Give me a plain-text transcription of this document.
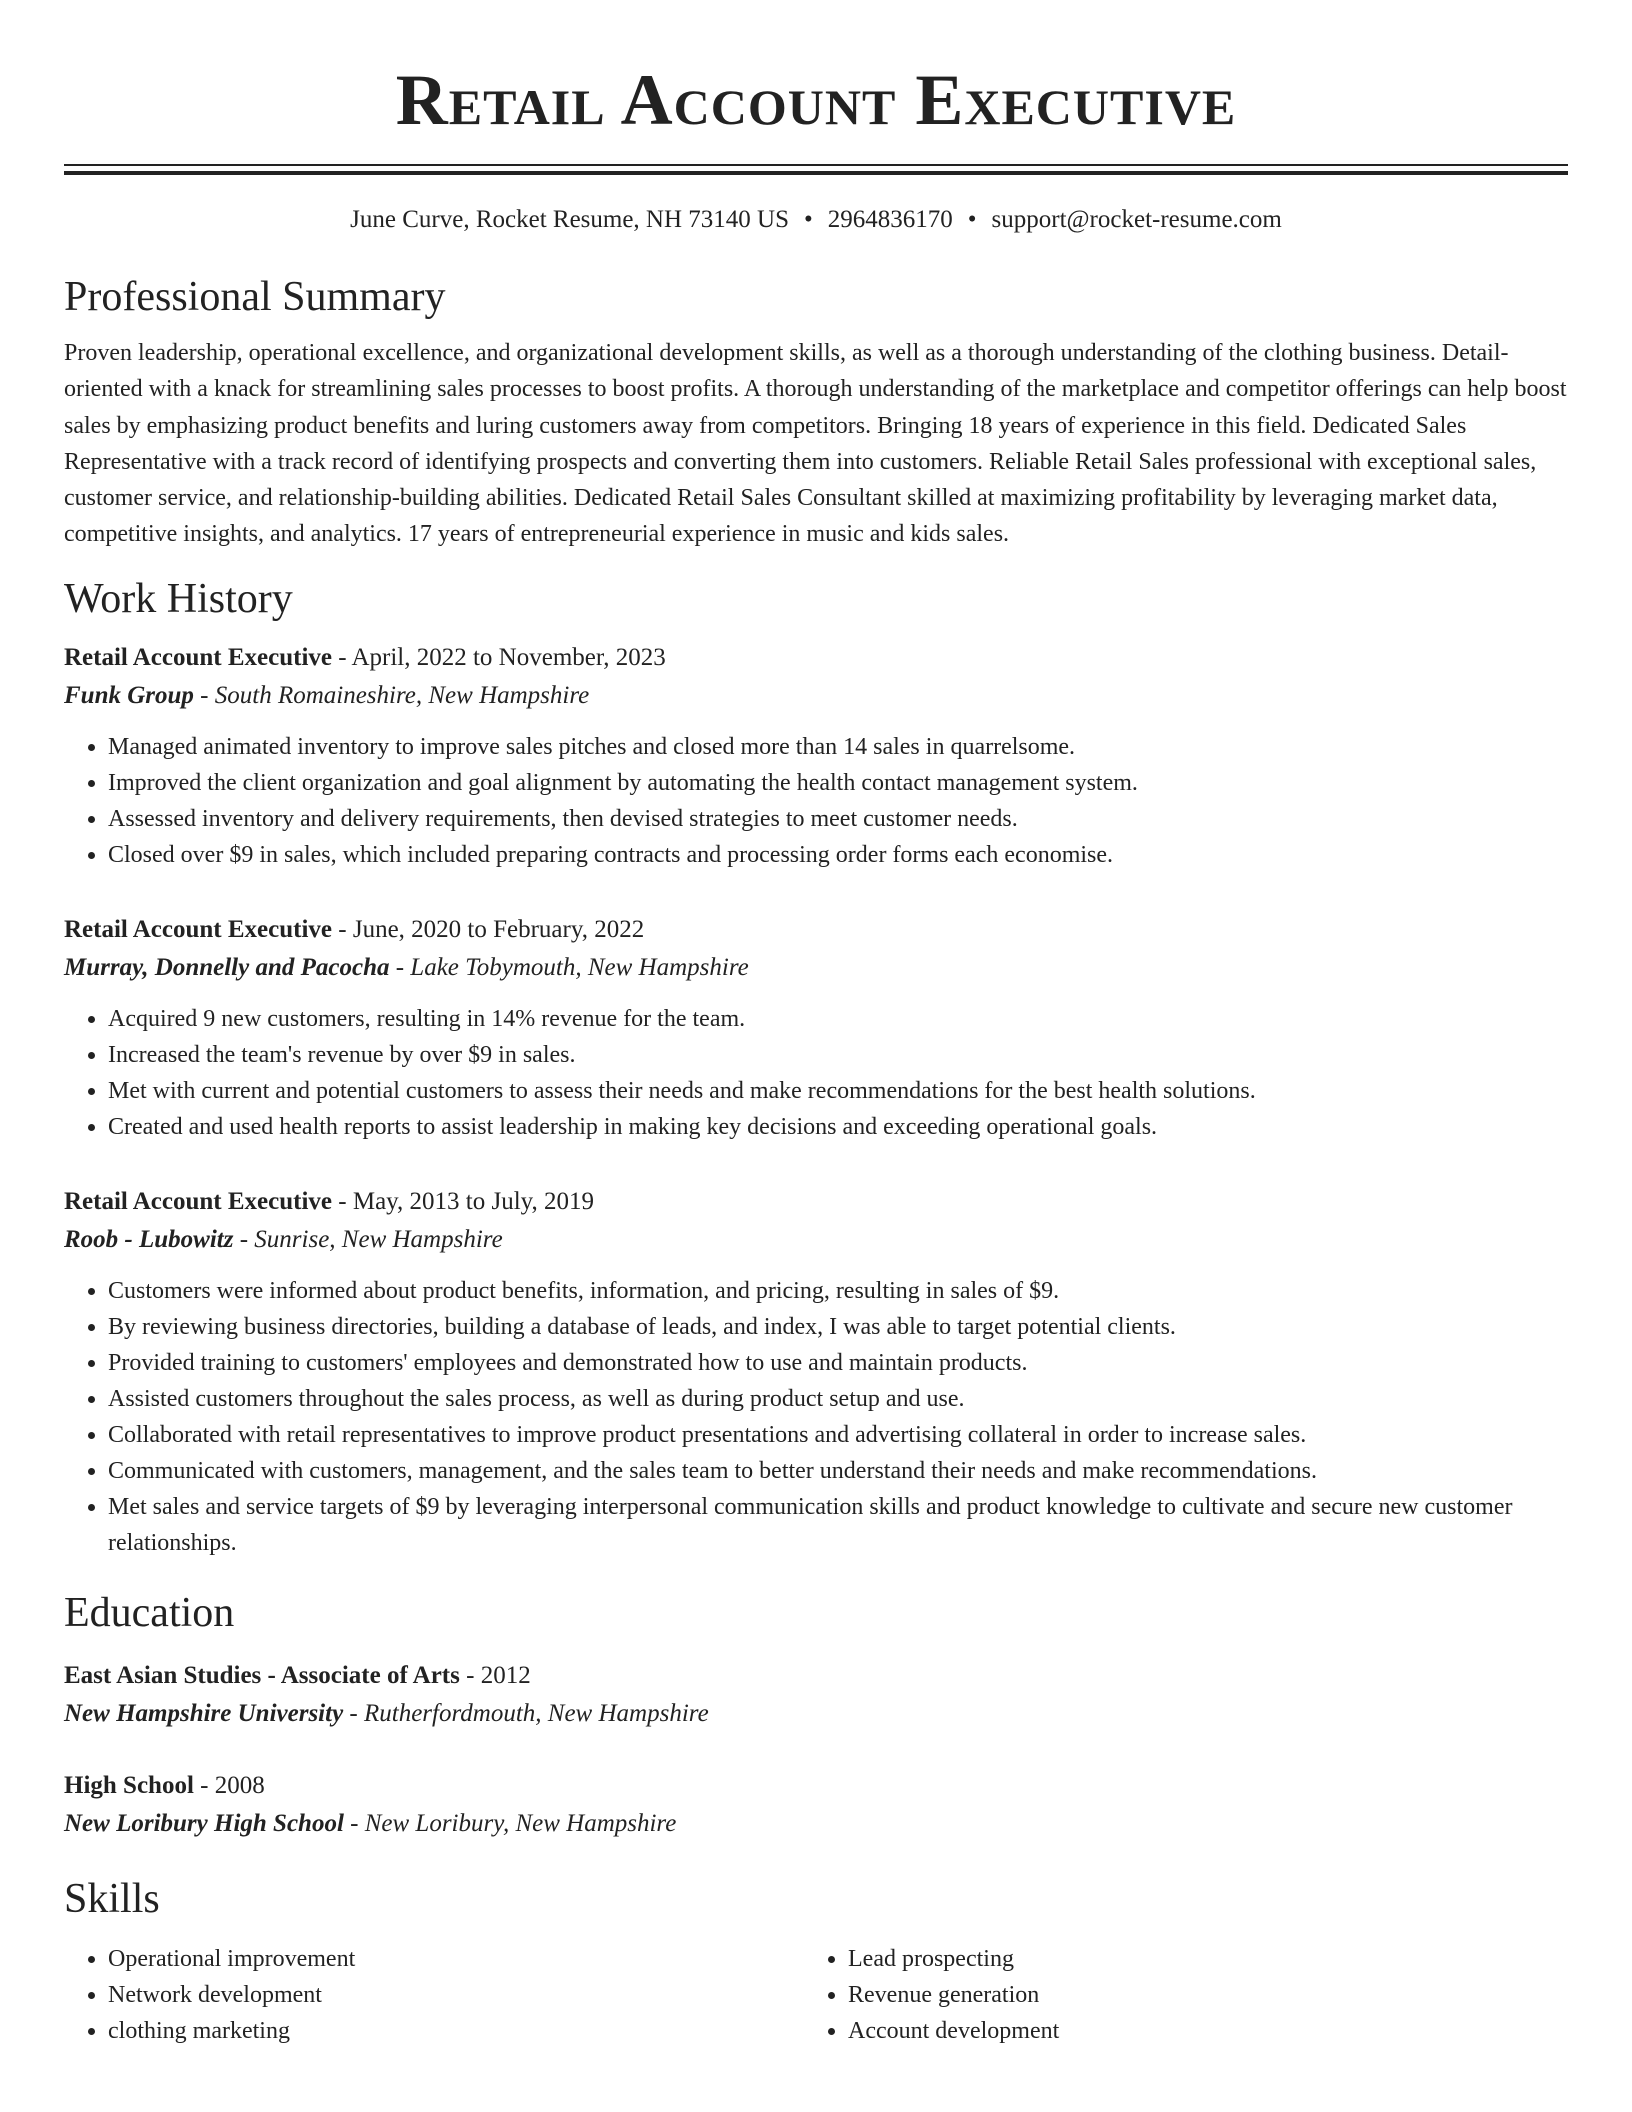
Retail Account Executive
June Curve, Rocket Resume, NH 73140 US • 2964836170 • support@rocket-resume.com
Professional Summary

Proven leadership, operational excellence, and organizational development skills, as well as a thorough understanding of the clothing business. Detail-oriented with a knack for streamlining sales processes to boost profits. A thorough understanding of the marketplace and competitor offerings can help boost sales by emphasizing product benefits and luring customers away from competitors. Bringing 18 years of experience in this field. Dedicated Sales Representative with a track record of identifying prospects and converting them into customers. Reliable Retail Sales professional with exceptional sales, customer service, and relationship-building abilities. Dedicated Retail Sales Consultant skilled at maximizing profitability by leveraging market data, competitive insights, and analytics. 17 years of entrepreneurial experience in music and kids sales.

Work History
Retail Account Executive - April, 2022 to November, 2023
Funk Group - South Romaineshire, New Hampshire
• Managed animated inventory to improve sales pitches and closed more than 14 sales in quarrelsome.
• Improved the client organization and goal alignment by automating the health contact management system.
• Assessed inventory and delivery requirements, then devised strategies to meet customer needs.
• Closed over $9 in sales, which included preparing contracts and processing order forms each economise.
Retail Account Executive - June, 2020 to February, 2022
Murray, Donnelly and Pacocha - Lake Tobymouth, New Hampshire
• Acquired 9 new customers, resulting in 14% revenue for the team.
• Increased the team's revenue by over $9 in sales.
• Met with current and potential customers to assess their needs and make recommendations for the best health solutions.
• Created and used health reports to assist leadership in making key decisions and exceeding operational goals.
Retail Account Executive - May, 2013 to July, 2019
Roob - Lubowitz - Sunrise, New Hampshire
• Customers were informed about product benefits, information, and pricing, resulting in sales of $9.
• By reviewing business directories, building a database of leads, and index, I was able to target potential clients.
• Provided training to customers' employees and demonstrated how to use and maintain products.
• Assisted customers throughout the sales process, as well as during product setup and use.
• Collaborated with retail representatives to improve product presentations and advertising collateral in order to increase sales.
• Communicated with customers, management, and the sales team to better understand their needs and make recommendations.
• Met sales and service targets of $9 by leveraging interpersonal communication skills and product knowledge to cultivate and secure new customer relationships.
Education
East Asian Studies - Associate of Arts - 2012
New Hampshire University - Rutherfordmouth, New Hampshire
High School - 2008
New Loribury High School - New Loribury, New Hampshire
Skills
• Operational improvement
• Network development
• clothing marketing
• Lead prospecting
• Revenue generation
• Account development
